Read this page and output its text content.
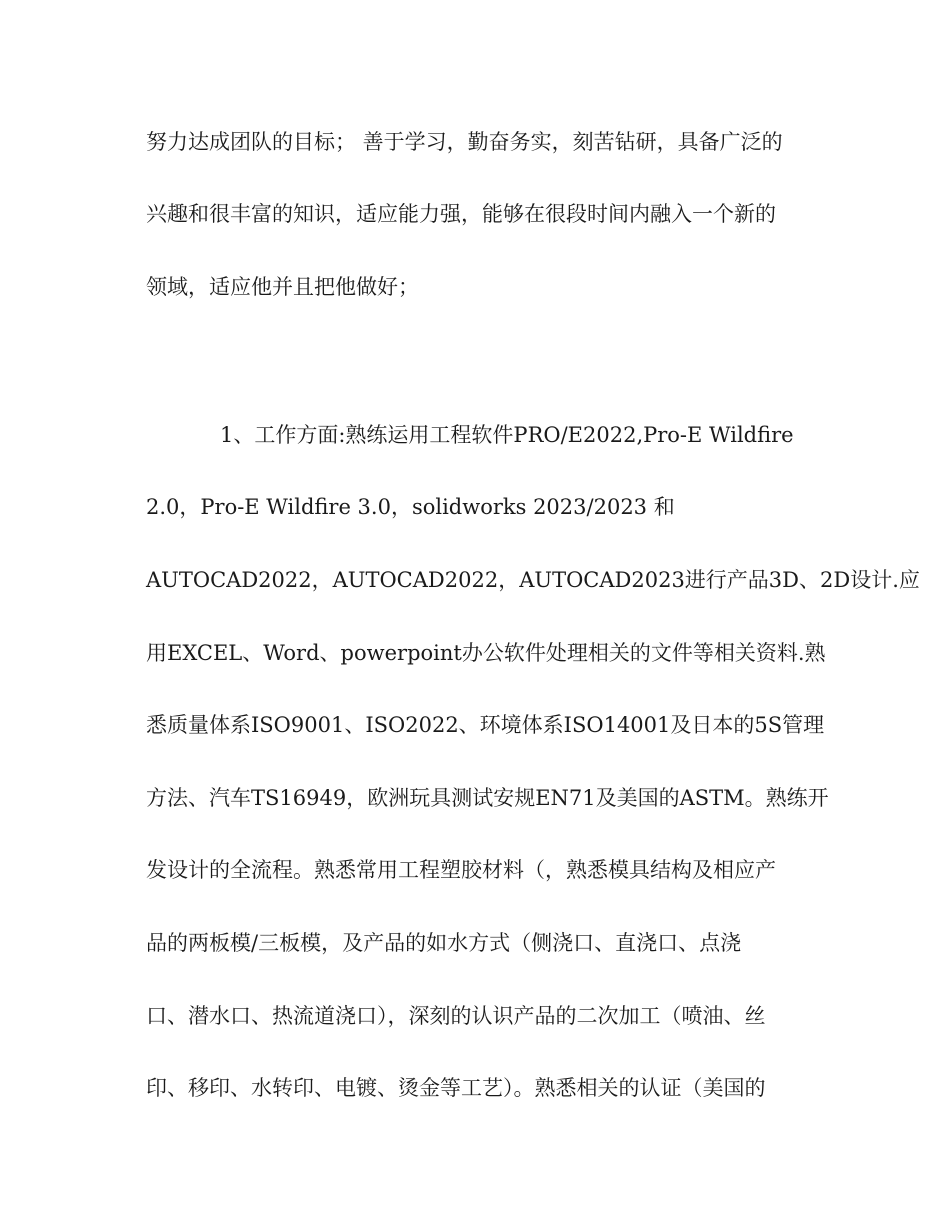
努力达成团队的目标； 善于学习，勤奋务实，刻苦钻研，具备广泛的
兴趣和很丰富的知识，适应能力强，能够在很段时间内融入一个新的
领域，适应他并且把他做好；
1、工作方面:熟练运用工程软件PRO/E2022,Pro-E Wildfire
2.0，Pro-E Wildfire 3.0，solidworks 2023/2023 和
AUTOCAD2022，AUTOCAD2022，AUTOCAD2023进行产品3D、2D设计.应
用EXCEL、Word、powerpoint办公软件处理相关的文件等相关资料.熟
悉质量体系ISO9001、ISO2022、环境体系ISO14001及日本的5S管理
方法、汽车TS16949，欧洲玩具测试安规EN71及美国的ASTM。熟练开
发设计的全流程。熟悉常用工程塑胶材料（，熟悉模具结构及相应产
品的两板模/三板模，及产品的如水方式（侧浇口、直浇口、点浇
口、潜水口、热流道浇口），深刻的认识产品的二次加工（喷油、丝
印、移印、水转印、电镀、烫金等工艺）。熟悉相关的认证（美国的
